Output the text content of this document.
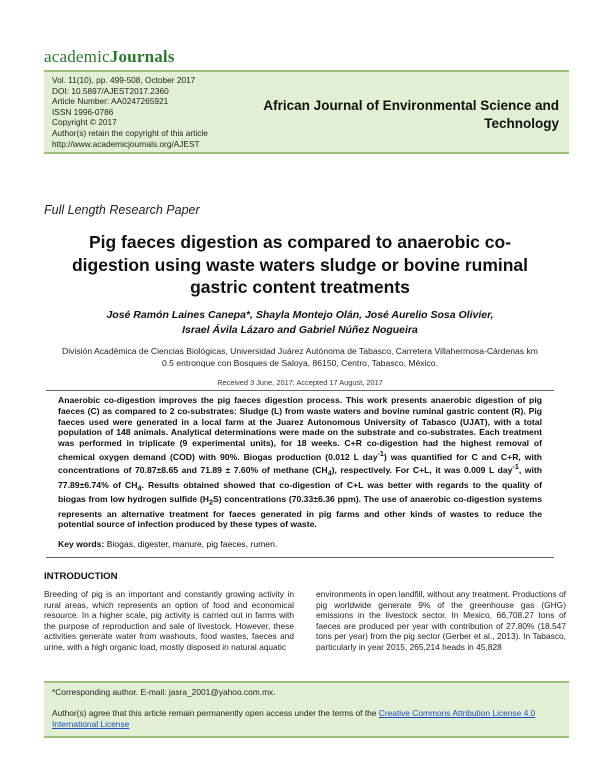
academicJournals
Vol. 11(10), pp. 499-508, October 2017
DOI: 10.5897/AJEST2017.2360
Article Number: AA0247265921
ISSN 1996-0786
Copyright © 2017
Author(s) retain the copyright of this article
http://www.academicjournals.org/AJEST
African Journal of Environmental Science and
Technology
Full Length Research Paper
Pig faeces digestion as compared to anaerobic co-digestion using waste waters sludge or bovine ruminal gastric content treatments
José Ramón Laines Canepa*, Shayla Montejo Olán, José Aurelio Sosa Olivier,
Israel Ávila Lázaro and Gabriel Núñez Nogueira
División Académica de Ciencias Biológicas, Universidad Juárez Autónoma de Tabasco, Carretera Villahermosa-Cárdenas km 0.5 entronque con Bosques de Saloya, 86150, Centro, Tabasco, México.
Received 3 June, 2017; Accepted 17 August, 2017
Anaerobic co-digestion improves the pig faeces digestion process. This work presents anaerobic digestion of pig faeces (C) as compared to 2 co-substrates: Sludge (L) from waste waters and bovine ruminal gastric content (R). Pig faeces used were generated in a local farm at the Juarez Autonomous University of Tabasco (UJAT), with a total population of 148 animals. Analytical determinations were made on the substrate and co-substrates. Each treatment was performed in triplicate (9 experimental units), for 18 weeks. C+R co-digestion had the highest removal of chemical oxygen demand (COD) with 90%. Biogas production (0.012 L day$^{-1}$) was quantified for C and C+R, with concentrations of 70.87±8.65 and 71.89 ± 7.60% of methane $(CH_4)$, respectively. For C+L, it was 0.009 L day$^{-1}$, with 77.89±6.74% of $CH_4$. Results obtained showed that co-digestion of C+L was better with regards to the quality of biogas from low hydrogen sulfide $(H_2S)$ concentrations (70.33±6.36 ppm). The use of anaerobic co-digestion systems represents an alternative treatment for faeces generated in pig farms and other kinds of wastes to reduce the potential source of infection produced by these types of waste.
Key words: Biogas, digester, manure, pig faeces, rumen.
INTRODUCTION
Breeding of pig is an important and constantly growing activity in rural areas, which represents an option of food and economical resource. In a higher scale, pig activity is carried out in farms with the purpose of reproduction and sale of livestock. However, these activities generate water from washouts, food wastes, faeces and urine, with a high organic load, mostly disposed in natural aquatic
environments in open landfill, without any treatment. Productions of pig worldwide generate 9% of the greenhouse gas (GHG) emissions in the livestock sector. In Mexico, 66,708.27 tons of faeces are produced per year with contribution of 27.80% (18.547 tons per year) from the pig sector (Gerber et al., 2013). In Tabasco, particularly in year 2015, 265,214 heads in 45,828
*Corresponding author. E-mail: jasra_2001@yahoo.com.mx.
Author(s) agree that this article remain permanently open access under the terms of the Creative Commons Attribution License 4.0 International License
